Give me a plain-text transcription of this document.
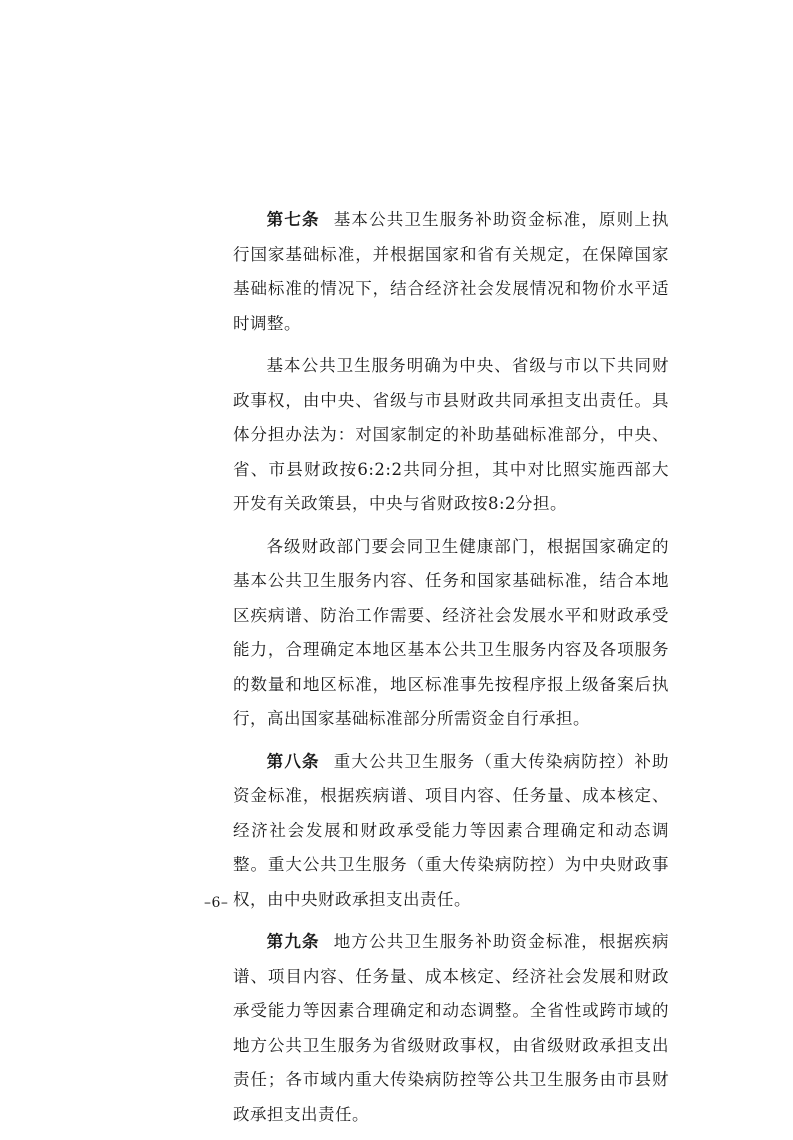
第七条 基本公共卫生服务补助资金标准，原则上执行国家基础标准，并根据国家和省有关规定，在保障国家基础标准的情况下，结合经济社会发展情况和物价水平适时调整。

基本公共卫生服务明确为中央、省级与市以下共同财政事权，由中央、省级与市县财政共同承担支出责任。具体分担办法为：对国家制定的补助基础标准部分，中央、省、市县财政按6:2:2共同分担，其中对比照实施西部大开发有关政策县，中央与省财政按8:2分担。

各级财政部门要会同卫生健康部门，根据国家确定的基本公共卫生服务内容、任务和国家基础标准，结合本地区疾病谱、防治工作需要、经济社会发展水平和财政承受能力，合理确定本地区基本公共卫生服务内容及各项服务的数量和地区标准，地区标准事先按程序报上级备案后执行，高出国家基础标准部分所需资金自行承担。

第八条 重大公共卫生服务（重大传染病防控）补助资金标准，根据疾病谱、项目内容、任务量、成本核定、经济社会发展和财政承受能力等因素合理确定和动态调整。重大公共卫生服务（重大传染病防控）为中央财政事权，由中央财政承担支出责任。

第九条 地方公共卫生服务补助资金标准，根据疾病谱、项目内容、任务量、成本核定、经济社会发展和财政承受能力等因素合理确定和动态调整。全省性或跨市域的地方公共卫生服务为省级财政事权，由省级财政承担支出责任；各市域内重大传染病防控等公共卫生服务由市县财政承担支出责任。

–6–
